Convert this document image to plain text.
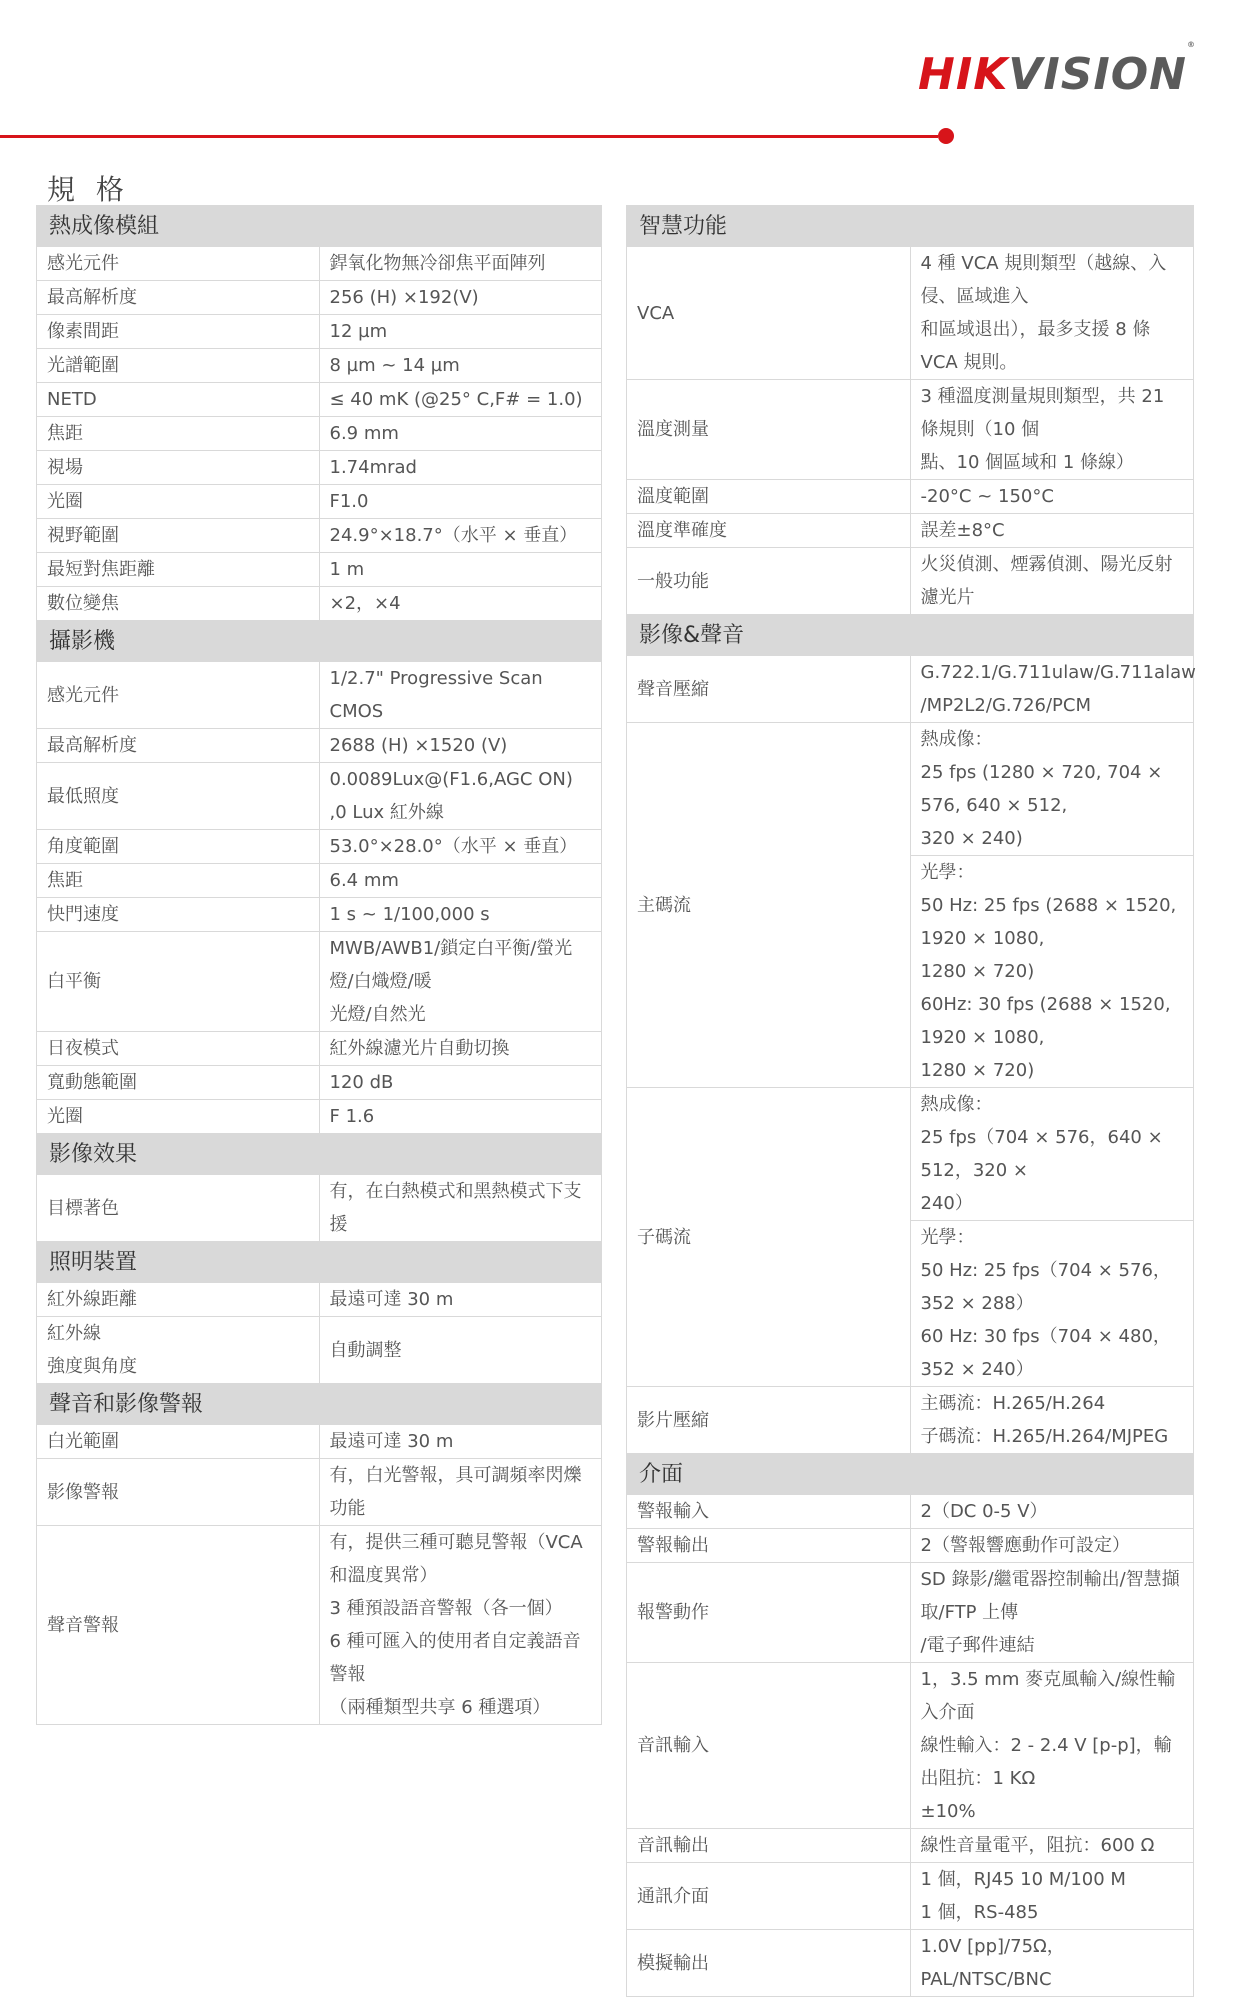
HIKVISION®
規 格
熱成像模組	

感光元件	銲氧化物無冷卻焦平面陣列

最高解析度	256 (H) ×192(V)

像素間距	12 µm

光譜範圍	8 µm ~ 14 µm

NETD	≤ 40 mK (@25° C,F# = 1.0)

焦距	6.9 mm

視場	1.74mrad

光圈	F1.0

視野範圍	24.9°×18.7°（水平 × 垂直）

最短對焦距離	1 m

數位變焦	×2，×4

攝影機	

感光元件	1/2.7" Progressive Scan CMOS

最高解析度	2688 (H) ×1520 (V)

最低照度	0.0089Lux@(F1.6,AGC ON) ,0 Lux 紅外線

角度範圍	53.0°×28.0°（水平 × 垂直）

焦距	6.4 mm

快門速度	1 s ~ 1/100,000 s

白平衡	MWB/AWB1/鎖定白平衡/螢光燈/白熾燈/暖
光燈/自然光

日夜模式	紅外線濾光片自動切換

寬動態範圍	120 dB

光圈	F 1.6

影像效果	

目標著色	有，在白熱模式和黑熱模式下支援

照明裝置	

紅外線距離	最遠可達 30 m

紅外線
強度與角度	自動調整

聲音和影像警報	

白光範圍	最遠可達 30 m

影像警報	有，白光警報，具可調頻率閃爍功能

聲音警報	有，提供三種可聽見警報（VCA 和溫度異常）
3 種預設語音警報（各一個）
6 種可匯入的使用者自定義語音警報
（兩種類型共享 6 種選項）
智慧功能	

VCA	4 種 VCA 規則類型（越線、入侵、區域進入
和區域退出），最多支援 8 條 VCA 規則。

溫度測量	3 種溫度測量規則類型，共 21 條規則（10 個
點、10 個區域和 1 條線）

溫度範圍	-20°C ~ 150°C

溫度準確度	誤差±8°C

一般功能	火災偵測、煙霧偵測、陽光反射濾光片

影像&聲音	

聲音壓縮	G.722.1/G.711ulaw/G.711alaw
/MP2L2/G.726/PCM

主碼流	熱成像：
25 fps (1280 × 720, 704 × 576, 640 × 512,
320 × 240)

	光學：
50 Hz: 25 fps (2688 × 1520, 1920 × 1080,
1280 × 720)
60Hz: 30 fps (2688 × 1520, 1920 × 1080,
1280 × 720)

子碼流	熱成像：
25 fps（704 × 576，640 × 512，320 ×
240）

	光學：
50 Hz: 25 fps（704 × 576，352 × 288）
60 Hz: 30 fps（704 × 480，352 × 240）

影片壓縮	主碼流：H.265/H.264
子碼流：H.265/H.264/MJPEG

介面	

警報輸入	2（DC 0-5 V）

警報輸出	2（警報響應動作可設定）

報警動作	SD 錄影/繼電器控制輸出/智慧擷取/FTP 上傳
/電子郵件連結

音訊輸入	1，3.5 mm 麥克風輸入/線性輸入介面
線性輸入：2 - 2.4 V [p-p]，輸出阻抗：1 KΩ
±10%

音訊輸出	線性音量電平，阻抗：600 Ω

通訊介面	1 個，RJ45 10 M/100 M
1 個，RS-485

模擬輸出	1.0V [pp]/75Ω，PAL/NTSC/BNC
